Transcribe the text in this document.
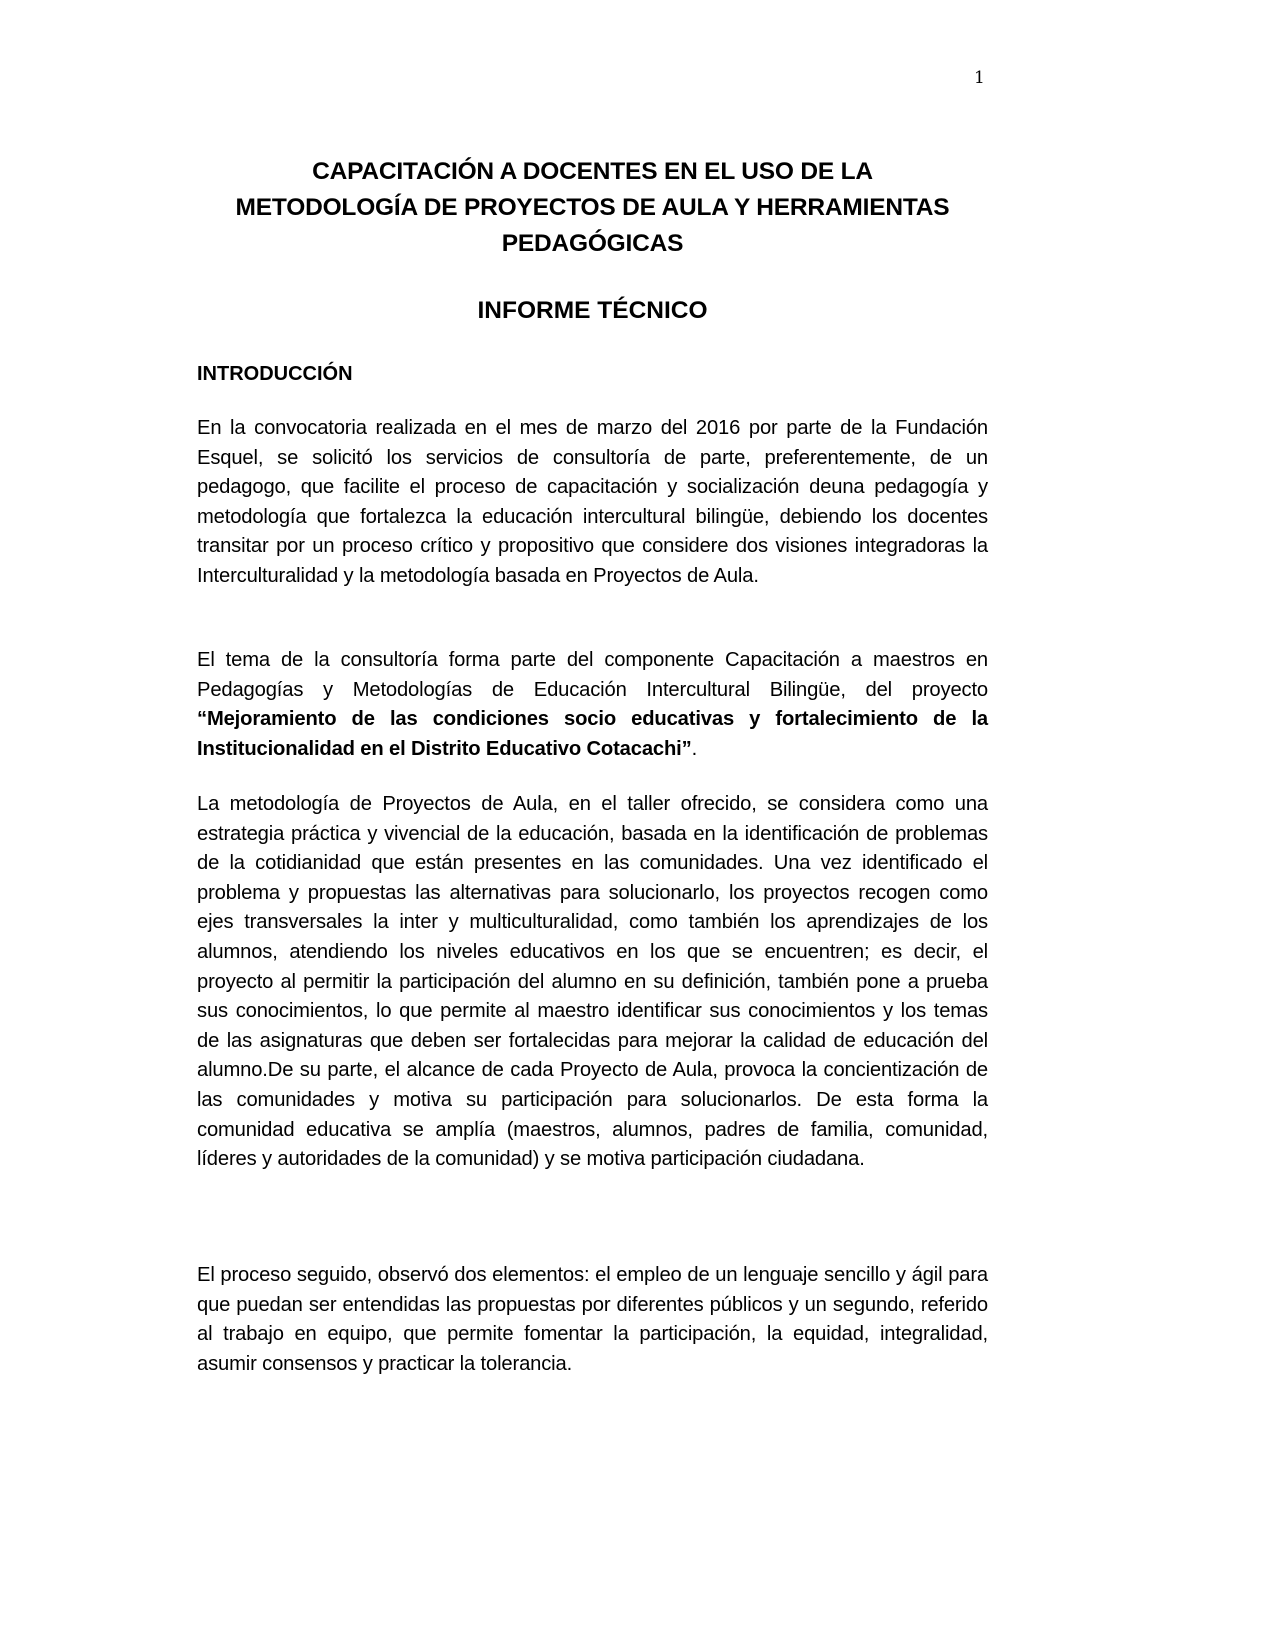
1
CAPACITACIÓN A DOCENTES EN EL USO DE LA
METODOLOGÍA DE PROYECTOS DE AULA Y HERRAMIENTAS
PEDAGÓGICAS
INFORME TÉCNICO
INTRODUCCIÓN

En la convocatoria realizada en el mes de marzo del 2016 por parte de la Fundación Esquel, se solicitó los servicios de consultoría de parte, preferentemente, de un pedagogo, que facilite el proceso de capacitación y socialización deuna pedagogía y metodología que fortalezca la educación intercultural bilingüe, debiendo los docentes transitar por un proceso crítico y propositivo que considere dos visiones integradoras la Interculturalidad y la metodología basada en Proyectos de Aula.

El tema de la consultoría forma parte del componente Capacitación a maestros en Pedagogías y Metodologías de Educación Intercultural Bilingüe, del proyecto “Mejoramiento de las condiciones socio educativas y fortalecimiento de la Institucionalidad en el Distrito Educativo Cotacachi”.

La metodología de Proyectos de Aula, en el taller ofrecido, se considera como una estrategia práctica y vivencial de la educación, basada en la identificación de problemas de la cotidianidad que están presentes en las comunidades. Una vez identificado el problema y propuestas las alternativas para solucionarlo, los proyectos recogen como ejes transversales la inter y multiculturalidad, como también los aprendizajes de los alumnos, atendiendo los niveles educativos en los que se encuentren; es decir, el proyecto al permitir la participación del alumno en su definición, también pone a prueba sus conocimientos, lo que permite al maestro identificar sus conocimientos y los temas de las asignaturas que deben ser fortalecidas para mejorar la calidad de educación del alumno.De su parte, el alcance de cada Proyecto de Aula, provoca la concientización de las comunidades y motiva su participación para solucionarlos. De esta forma la comunidad educativa se amplía (maestros, alumnos, padres de familia, comunidad, líderes y autoridades de la comunidad) y se motiva participación ciudadana.

El proceso seguido, observó dos elementos: el empleo de un lenguaje sencillo y ágil para que puedan ser entendidas las propuestas por diferentes públicos y un segundo, referido al trabajo en equipo, que permite fomentar la participación, la equidad, integralidad, asumir consensos y practicar la tolerancia.
